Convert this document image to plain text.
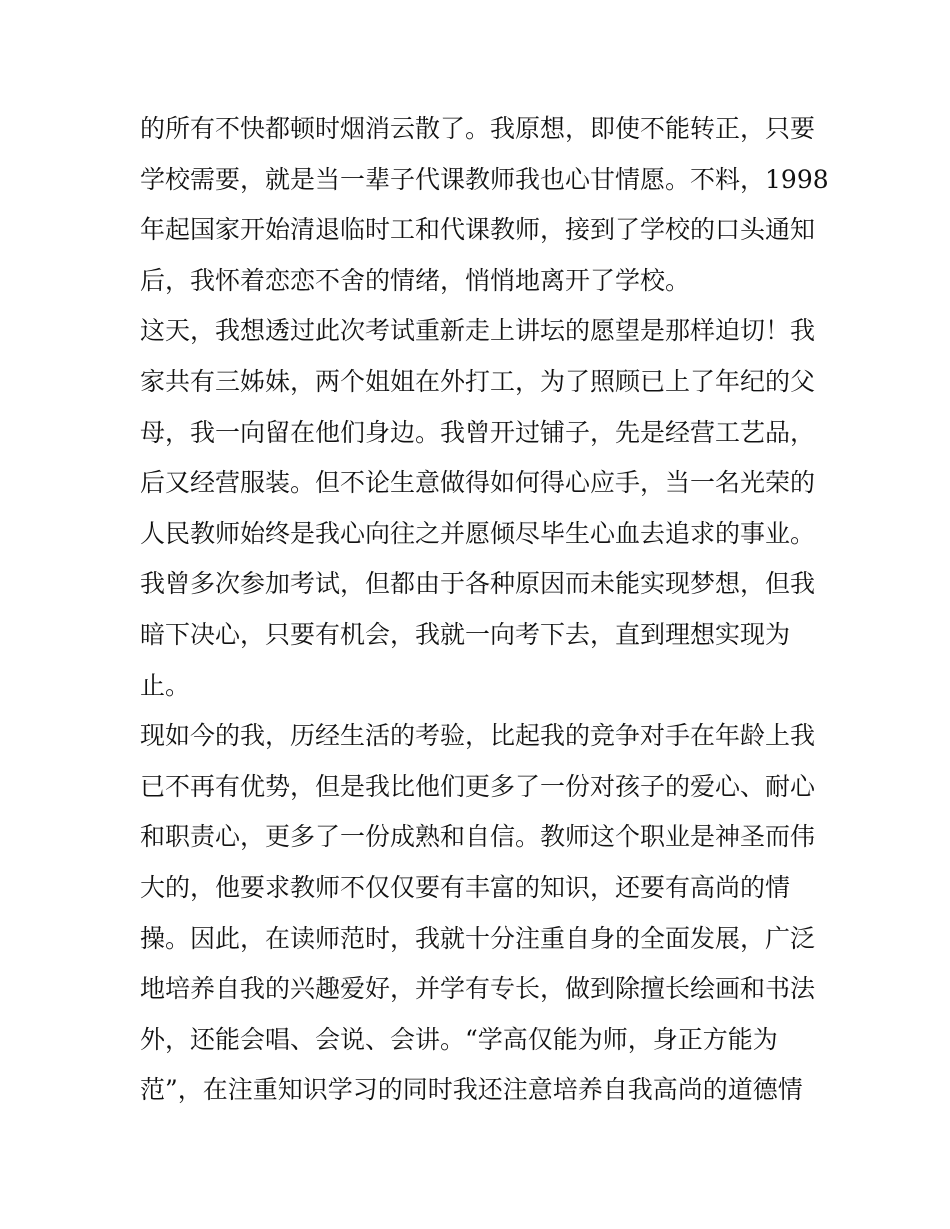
的所有不快都顿时烟消云散了。我原想，即使不能转正，只要
学校需要，就是当一辈子代课教师我也心甘情愿。不料，1998
年起国家开始清退临时工和代课教师，接到了学校的口头通知
后，我怀着恋恋不舍的情绪，悄悄地离开了学校。
这天，我想透过此次考试重新走上讲坛的愿望是那样迫切！我
家共有三姊妹，两个姐姐在外打工，为了照顾已上了年纪的父
母，我一向留在他们身边。我曾开过铺子，先是经营工艺品，
后又经营服装。但不论生意做得如何得心应手，当一名光荣的
人民教师始终是我心向往之并愿倾尽毕生心血去追求的事业。
我曾多次参加考试，但都由于各种原因而未能实现梦想，但我
暗下决心，只要有机会，我就一向考下去，直到理想实现为
止。
现如今的我，历经生活的考验，比起我的竞争对手在年龄上我
已不再有优势，但是我比他们更多了一份对孩子的爱心、耐心
和职责心，更多了一份成熟和自信。教师这个职业是神圣而伟
大的，他要求教师不仅仅要有丰富的知识，还要有高尚的情
操。因此，在读师范时，我就十分注重自身的全面发展，广泛
地培养自我的兴趣爱好，并学有专长，做到除擅长绘画和书法
外，还能会唱、会说、会讲。“学高仅能为师，身正方能为
范”，在注重知识学习的同时我还注意培养自我高尚的道德情
